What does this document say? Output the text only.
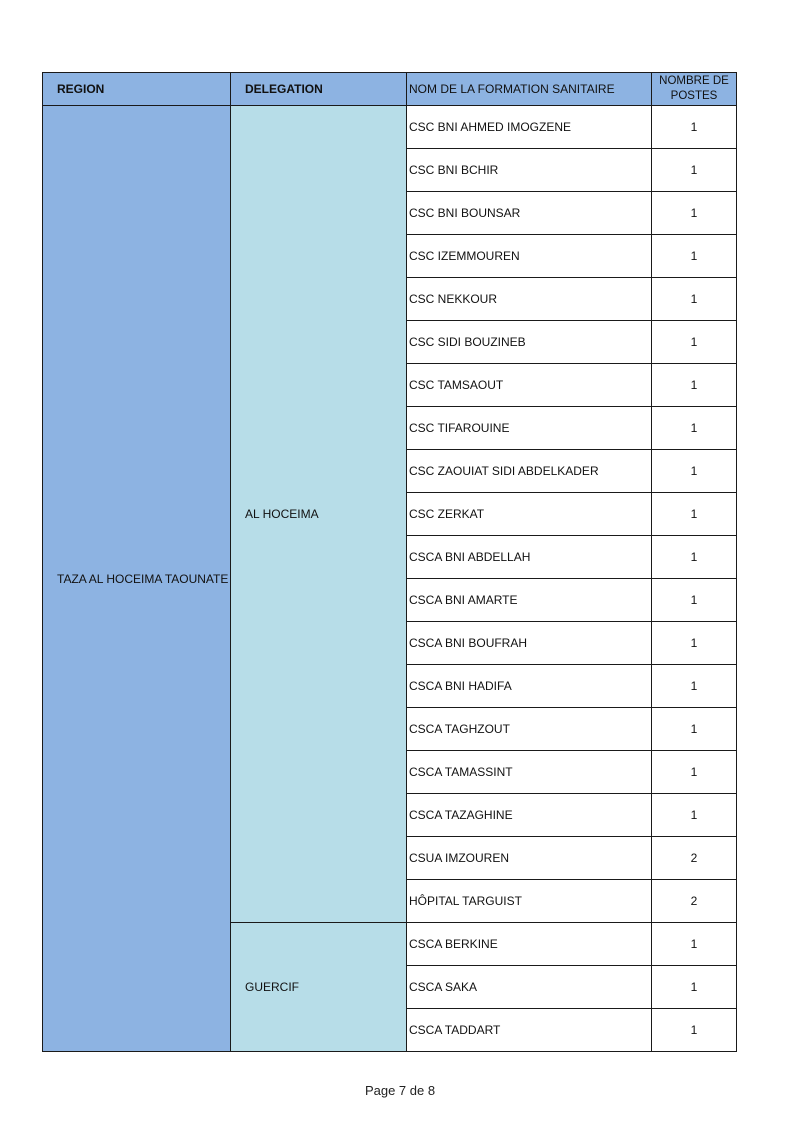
REGION	DELEGATION	NOM DE LA FORMATION SANITAIRE	NOMBRE DE POSTES
TAZA AL HOCEIMA TAOUNATE	AL HOCEIMA	CSC BNI AHMED IMOGZENE	1
		CSC BNI BCHIR	1
		CSC BNI BOUNSAR	1
		CSC IZEMMOUREN	1
		CSC NEKKOUR	1
		CSC SIDI BOUZINEB	1
		CSC TAMSAOUT	1
		CSC TIFAROUINE	1
		CSC ZAOUIAT SIDI ABDELKADER	1
		CSC ZERKAT	1
		CSCA BNI ABDELLAH	1
		CSCA BNI AMARTE	1
		CSCA BNI BOUFRAH	1
		CSCA BNI HADIFA	1
		CSCA TAGHZOUT	1
		CSCA TAMASSINT	1
		CSCA TAZAGHINE	1
		CSUA IMZOUREN	2
		HÔPITAL TARGUIST	2
	GUERCIF	CSCA BERKINE	1
		CSCA SAKA	1
		CSCA TADDART	1
Page 7 de 8
